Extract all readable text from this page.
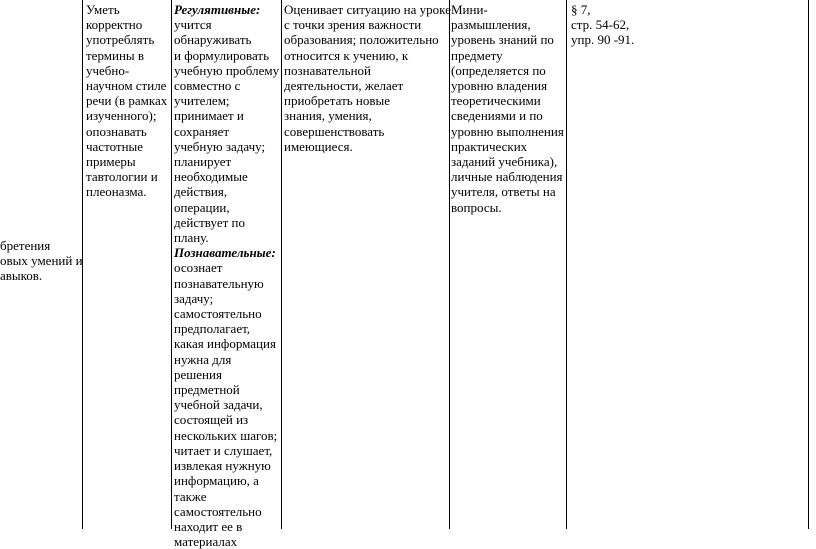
бретения
овых умений и
авыков.
Уметь
корректно
употреблять
термины в
учебно-
научном стиле
речи (в рамках
изученного);
опознавать
частотные
примеры
тавтологии и
плеоназма.
Регулятивные:
учится
обнаруживать
и формулировать
учебную проблему
совместно с
учителем;
принимает и
сохраняет
учебную задачу;
планирует
необходимые
действия,
операции,
действует по
плану.
Познавательные:
осознает
познавательную
задачу;
самостоятельно
предполагает,
какая информация
нужна для
решения
предметной
учебной задачи,
состоящей из
нескольких шагов;
читает и слушает,
извлекая нужную
информацию, а
также
самостоятельно
находит ее в
материалах
Оценивает ситуацию на уроке
с точки зрения важности
образования; положительно
относится к учению, к
познавательной
деятельности, желает
приобретать новые
знания, умения,
совершенствовать
имеющиеся.
Мини-
размышления,
уровень знаний по
предмету
(определяется по
уровню владения
теоретическими
сведениями и по
уровню выполнения
практических
заданий учебника),
личные наблюдения
учителя, ответы на
вопросы.
§ 7,
стр. 54-62,
упр. 90 -91.
